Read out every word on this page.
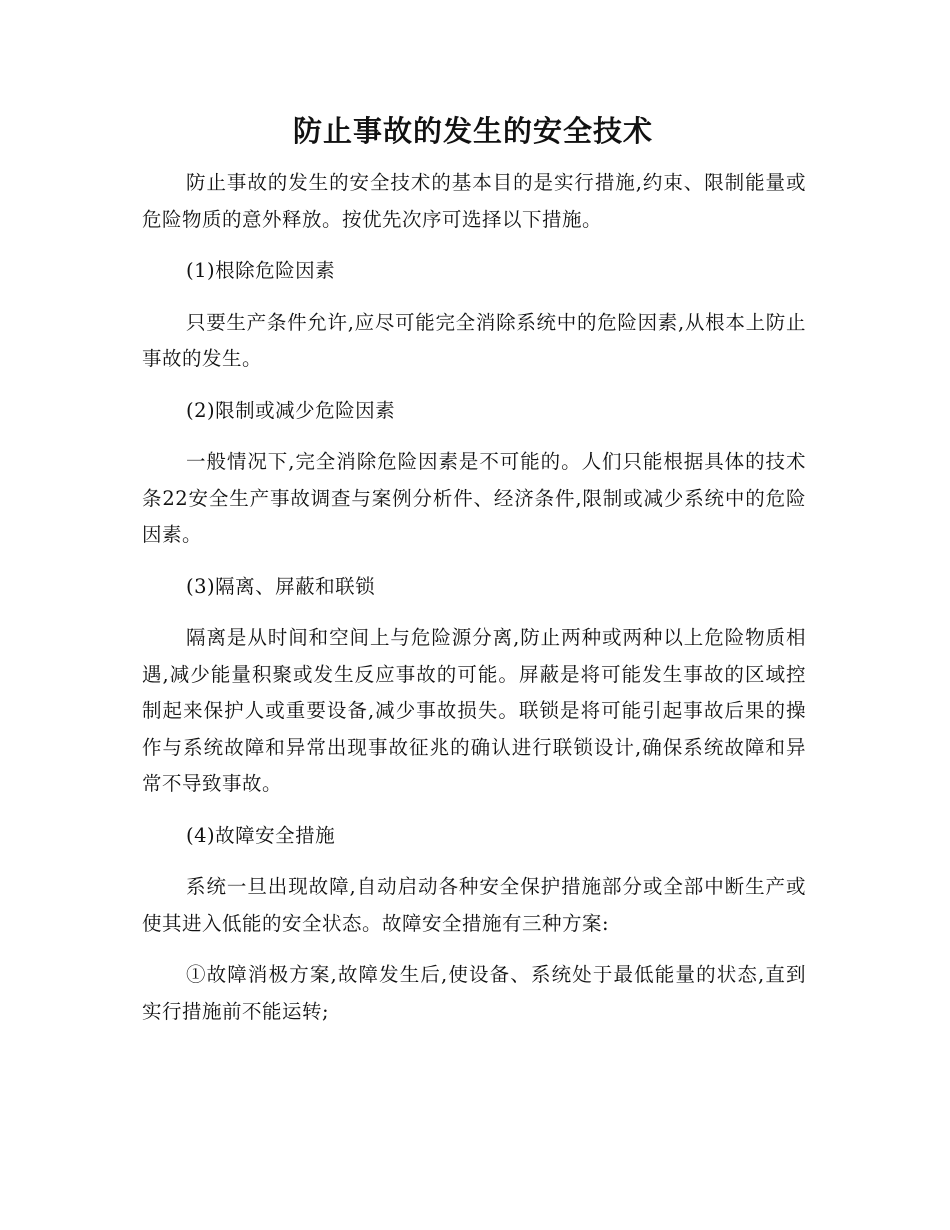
防止事故的发生的安全技术

防止事故的发生的安全技术的基本目的是实行措施,约束、限制能量或危险物质的意外释放。按优先次序可选择以下措施。

(1)根除危险因素

只要生产条件允许,应尽可能完全消除系统中的危险因素,从根本上防止事故的发生。

(2)限制或减少危险因素

一般情况下,完全消除危险因素是不可能的。人们只能根据具体的技术条22安全生产事故调查与案例分析件、经济条件,限制或减少系统中的危险因素。

(3)隔离、屏蔽和联锁

隔离是从时间和空间上与危险源分离,防止两种或两种以上危险物质相遇,减少能量积聚或发生反应事故的可能。屏蔽是将可能发生事故的区域控制起来保护人或重要设备,减少事故损失。联锁是将可能引起事故后果的操作与系统故障和异常出现事故征兆的确认进行联锁设计,确保系统故障和异常不导致事故。

(4)故障安全措施

系统一旦出现故障,自动启动各种安全保护措施部分或全部中断生产或使其进入低能的安全状态。故障安全措施有三种方案:

①故障消极方案,故障发生后,使设备、系统处于最低能量的状态,直到实行措施前不能运转;
